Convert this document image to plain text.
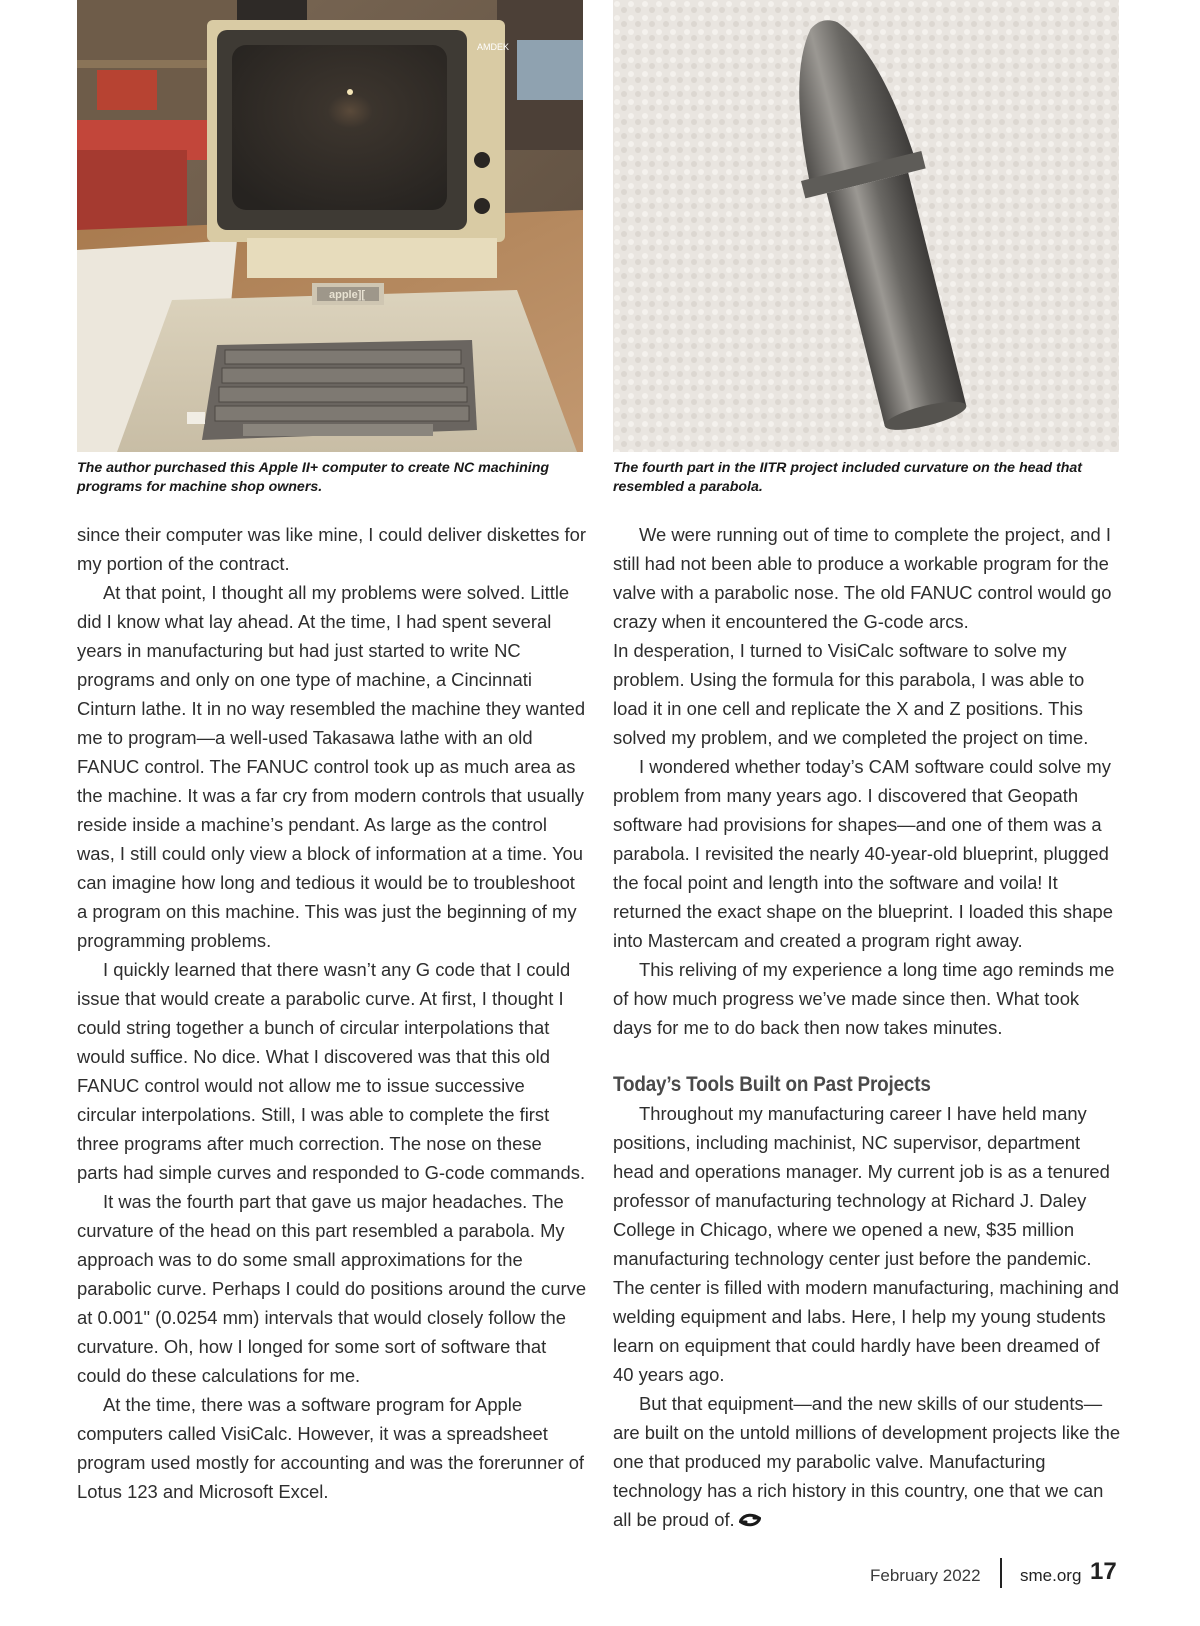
AMDEK
apple][
The author purchased this Apple II+ computer to create NC machining programs for machine shop owners.
The fourth part in the IITR project included curvature on the head that resembled a parabola.

since their computer was like mine, I could deliver diskettes for my portion of the contract.

At that point, I thought all my problems were solved. Little did I know what lay ahead. At the time, I had spent several years in manufacturing but had just started to write NC programs and only on one type of machine, a Cincinnati Cinturn lathe. It in no way resembled the machine they wanted me to program—a well-used Takasawa lathe with an old FANUC control. The FANUC control took up as much area as the machine. It was a far cry from modern controls that usually reside inside a machine’s pendant. As large as the control was, I still could only view a block of information at a time. You can imagine how long and tedious it would be to troubleshoot a program on this machine. This was just the beginning of my programming problems.

I quickly learned that there wasn’t any G code that I could issue that would create a parabolic curve. At first, I thought I could string together a bunch of circular interpolations that would suffice. No dice. What I discovered was that this old FANUC control would not allow me to issue successive circular interpolations. Still, I was able to complete the first three programs after much correction. The nose on these parts had simple curves and responded to G-code commands.

It was the fourth part that gave us major headaches. The curvature of the head on this part resembled a parabola. My approach was to do some small approximations for the parabolic curve. Perhaps I could do positions around the curve at 0.001" (0.0254 mm) intervals that would closely follow the curvature. Oh, how I longed for some sort of software that could do these calculations for me.

At the time, there was a software program for Apple computers called VisiCalc. However, it was a spreadsheet program used mostly for accounting and was the forerunner of Lotus 123 and Microsoft Excel.

We were running out of time to complete the project, and I still had not been able to produce a workable program for the valve with a parabolic nose. The old FANUC control would go crazy when it encountered the G-code arcs.

In desperation, I turned to VisiCalc software to solve my problem. Using the formula for this parabola, I was able to load it in one cell and replicate the X and Z positions. This solved my problem, and we completed the project on time.

I wondered whether today’s CAM software could solve my problem from many years ago. I discovered that Geopath software had provisions for shapes—and one of them was a parabola. I revisited the nearly 40-year-old blueprint, plugged the focal point and length into the software and voila! It returned the exact shape on the blueprint. I loaded this shape into Mastercam and created a program right away.

This reliving of my experience a long time ago reminds me of how much progress we’ve made since then. What took days for me to do back then now takes minutes.

Today’s Tools Built on Past Projects

Throughout my manufacturing career I have held many positions, including machinist, NC supervisor, department head and operations manager. My current job is as a tenured professor of manufacturing technology at Richard J. Daley College in Chicago, where we opened a new, $35 million manufacturing technology center just before the pandemic. The center is filled with modern manufacturing, machining and welding equipment and labs. Here, I help my young students learn on equipment that could hardly have been dreamed of 40 years ago.

But that equipment—and the new skills of our students—are built on the untold millions of development projects like the one that produced my parabolic valve. Manufacturing technology has a rich history in this country, one that we can all be proud of.

February 2022 sme.org 17
